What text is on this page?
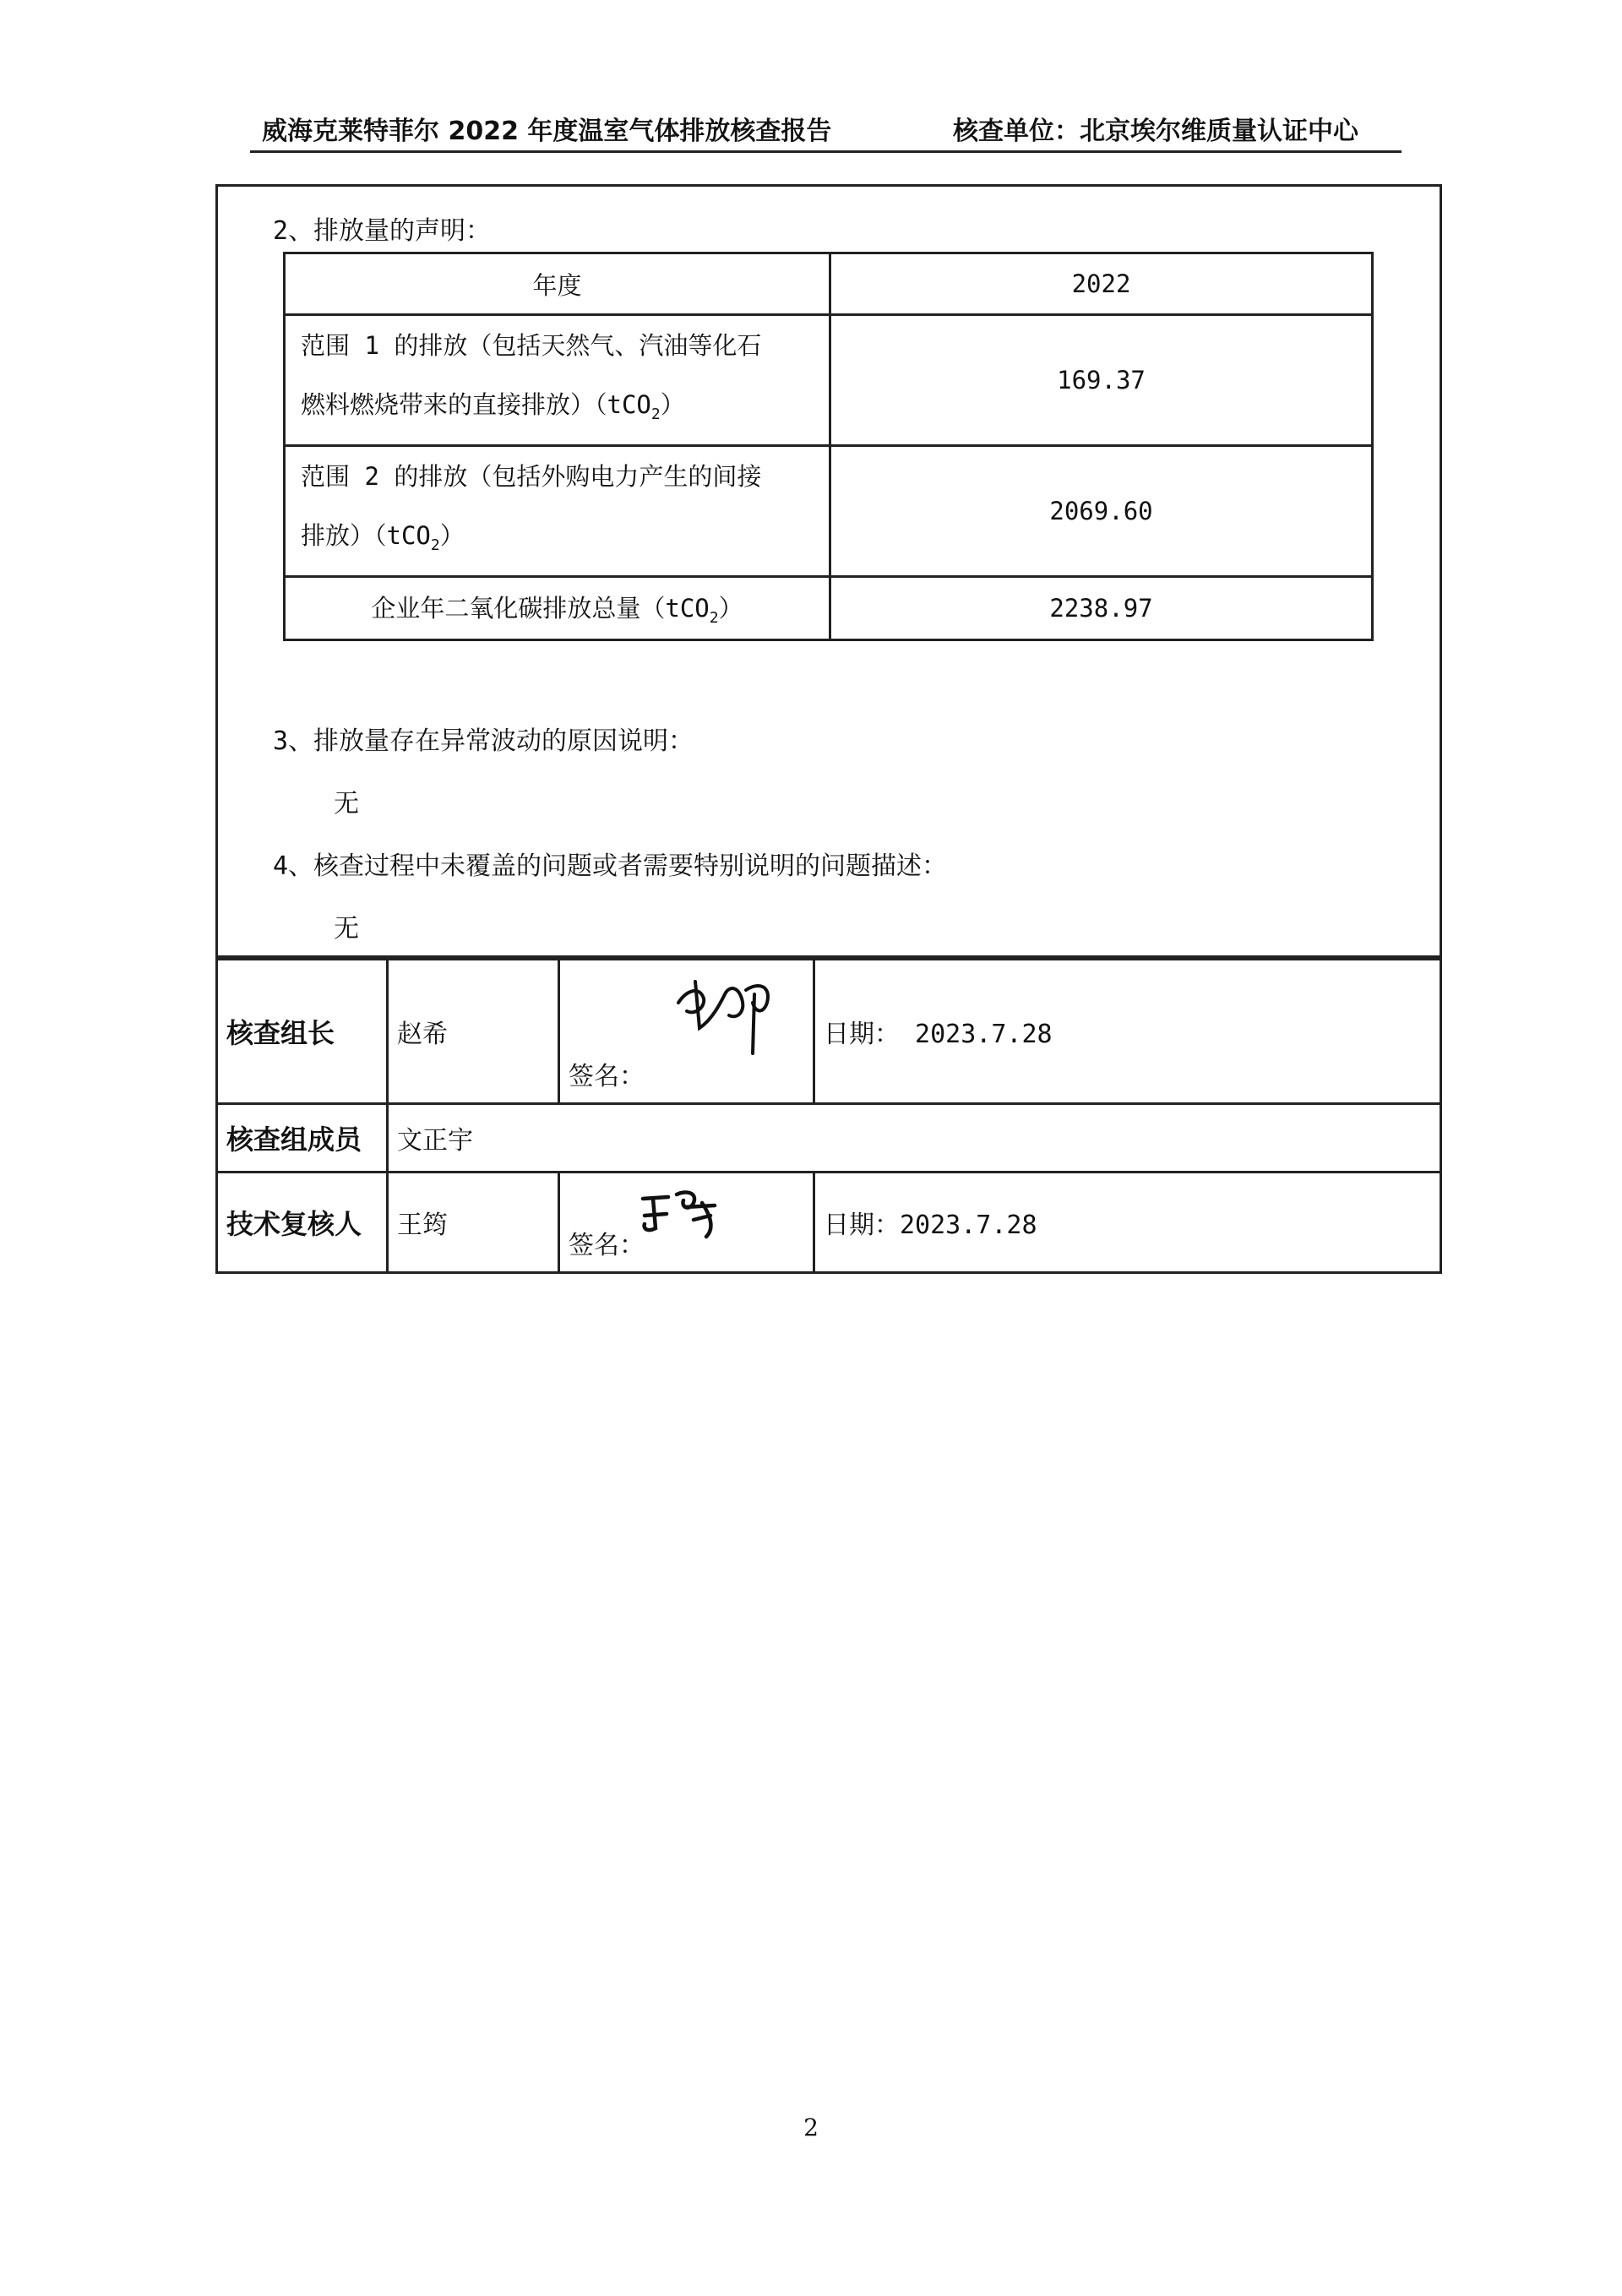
威海克莱特菲尔 2022 年度温室气体排放核查报告	核查单位：北京埃尔维质量认证中心
2、排放量的声明：
年度	2022

范围 1 的排放（包括天然气、汽油等化石
燃料燃烧带来的直接排放）（tCO$_2$）	169.37

范围 2 的排放（包括外购电力产生的间接
排放）（tCO$_2$）	2069.60
企业年二氧化碳排放总量（tCO$_2$）	2238.97
3、排放量存在异常波动的原因说明：
无
4、核查过程中未覆盖的问题或者需要特别说明的问题描述：
无
核查组长	赵希	签名：	日期： 2023.7.28
核查组成员	文正宇		
技术复核人	王筠	签名：	日期：2023.7.28
2
